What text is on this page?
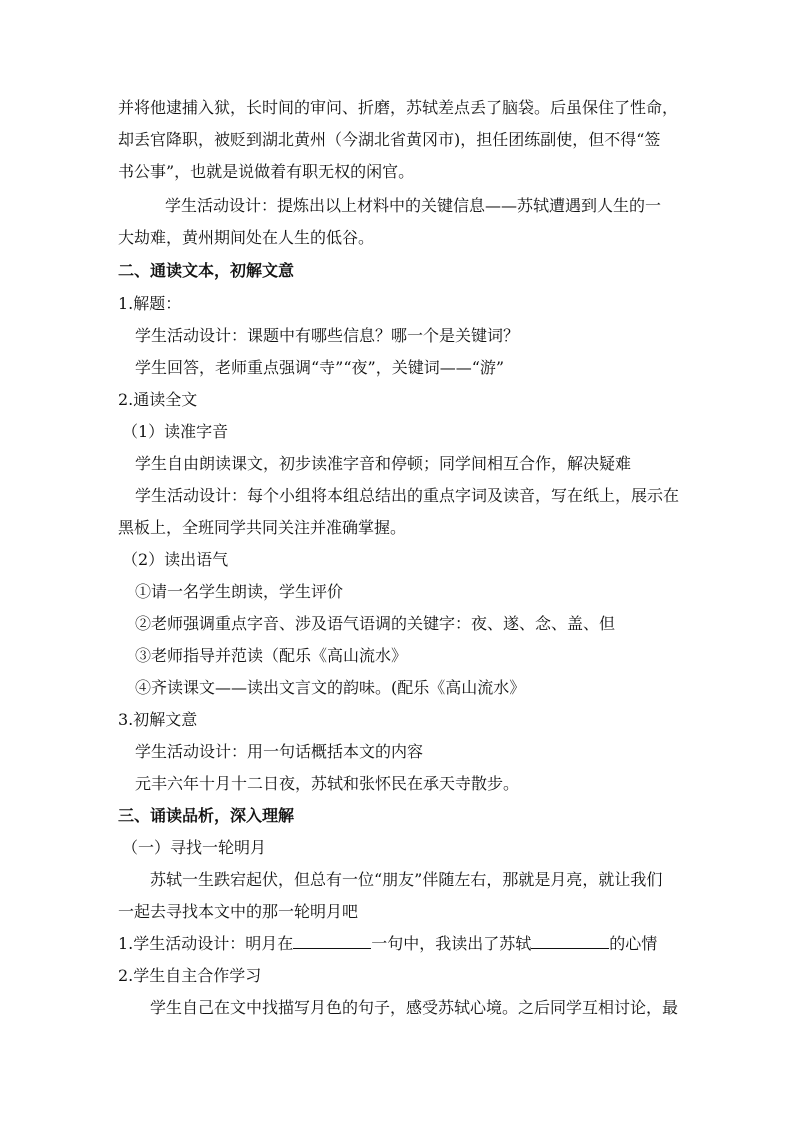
并将他逮捕入狱，长时间的审问、折磨，苏轼差点丢了脑袋。后虽保住了性命，
却丢官降职，被贬到湖北黄州（今湖北省黄冈市)，担任团练副使，但不得“签
书公事”，也就是说做着有职无权的闲官。
学生活动设计：提炼出以上材料中的关键信息——苏轼遭遇到人生的一
大劫难，黄州期间处在人生的低谷。
二、通读文本，初解文意
1.解题：
学生活动设计：课题中有哪些信息？哪一个是关键词？
学生回答，老师重点强调“寺”“夜”，关键词——“游”
2.通读全文
（1）读准字音
学生自由朗读课文，初步读准字音和停顿；同学间相互合作，解决疑难
学生活动设计：每个小组将本组总结出的重点字词及读音，写在纸上，展示在
黑板上，全班同学共同关注并准确掌握。
（2）读出语气
①请一名学生朗读，学生评价
②老师强调重点字音、涉及语气语调的关键字：夜、遂、念、盖、但
③老师指导并范读（配乐《高山流水》
④齐读课文——读出文言文的韵味。(配乐《高山流水》
3.初解文意
学生活动设计：用一句话概括本文的内容
元丰六年十月十二日夜，苏轼和张怀民在承天寺散步。
三、诵读品析，深入理解
（一）寻找一轮明月
苏轼一生跌宕起伏，但总有一位“朋友”伴随左右，那就是月亮，就让我们
一起去寻找本文中的那一轮明月吧
1.学生活动设计：明月在	一句中，我读出了苏轼	的心情
2.学生自主合作学习
学生自己在文中找描写月色的句子，感受苏轼心境。之后同学互相讨论，最
